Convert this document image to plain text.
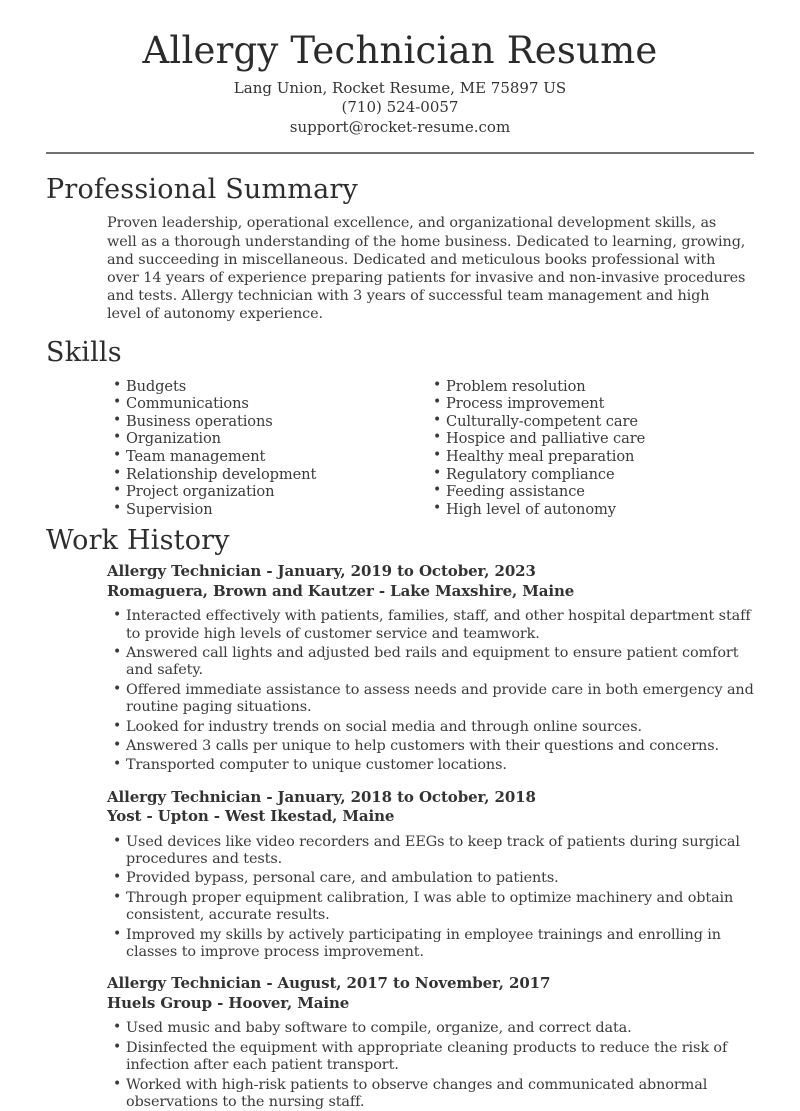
Allergy Technician Resume
Lang Union, Rocket Resume, ME 75897 US
(710) 524-0057
support@rocket-resume.com
Professional Summary

Proven leadership, operational excellence, and organizational development skills, as well as a thorough understanding of the home business. Dedicated to learning, growing, and succeeding in miscellaneous. Dedicated and meticulous books professional with over 14 years of experience preparing patients for invasive and non-invasive procedures and tests. Allergy technician with 3 years of successful team management and high level of autonomy experience.

Skills
• Budgets
• Communications
• Business operations
• Organization
• Team management
• Relationship development
• Project organization
• Supervision
• Problem resolution
• Process improvement
• Culturally-competent care
• Hospice and palliative care
• Healthy meal preparation
• Regulatory compliance
• Feeding assistance
• High level of autonomy
Work History
Allergy Technician - January, 2019 to October, 2023
Romaguera, Brown and Kautzer - Lake Maxshire, Maine
• Interacted effectively with patients, families, staff, and other hospital department staff to provide high levels of customer service and teamwork.
• Answered call lights and adjusted bed rails and equipment to ensure patient comfort and safety.
• Offered immediate assistance to assess needs and provide care in both emergency and routine paging situations.
• Looked for industry trends on social media and through online sources.
• Answered 3 calls per unique to help customers with their questions and concerns.
• Transported computer to unique customer locations.
Allergy Technician - January, 2018 to October, 2018
Yost - Upton - West Ikestad, Maine
• Used devices like video recorders and EEGs to keep track of patients during surgical procedures and tests.
• Provided bypass, personal care, and ambulation to patients.
• Through proper equipment calibration, I was able to optimize machinery and obtain consistent, accurate results.
• Improved my skills by actively participating in employee trainings and enrolling in classes to improve process improvement.
Allergy Technician - August, 2017 to November, 2017
Huels Group - Hoover, Maine
• Used music and baby software to compile, organize, and correct data.
• Disinfected the equipment with appropriate cleaning products to reduce the risk of infection after each patient transport.
• Worked with high-risk patients to observe changes and communicated abnormal observations to the nursing staff.
